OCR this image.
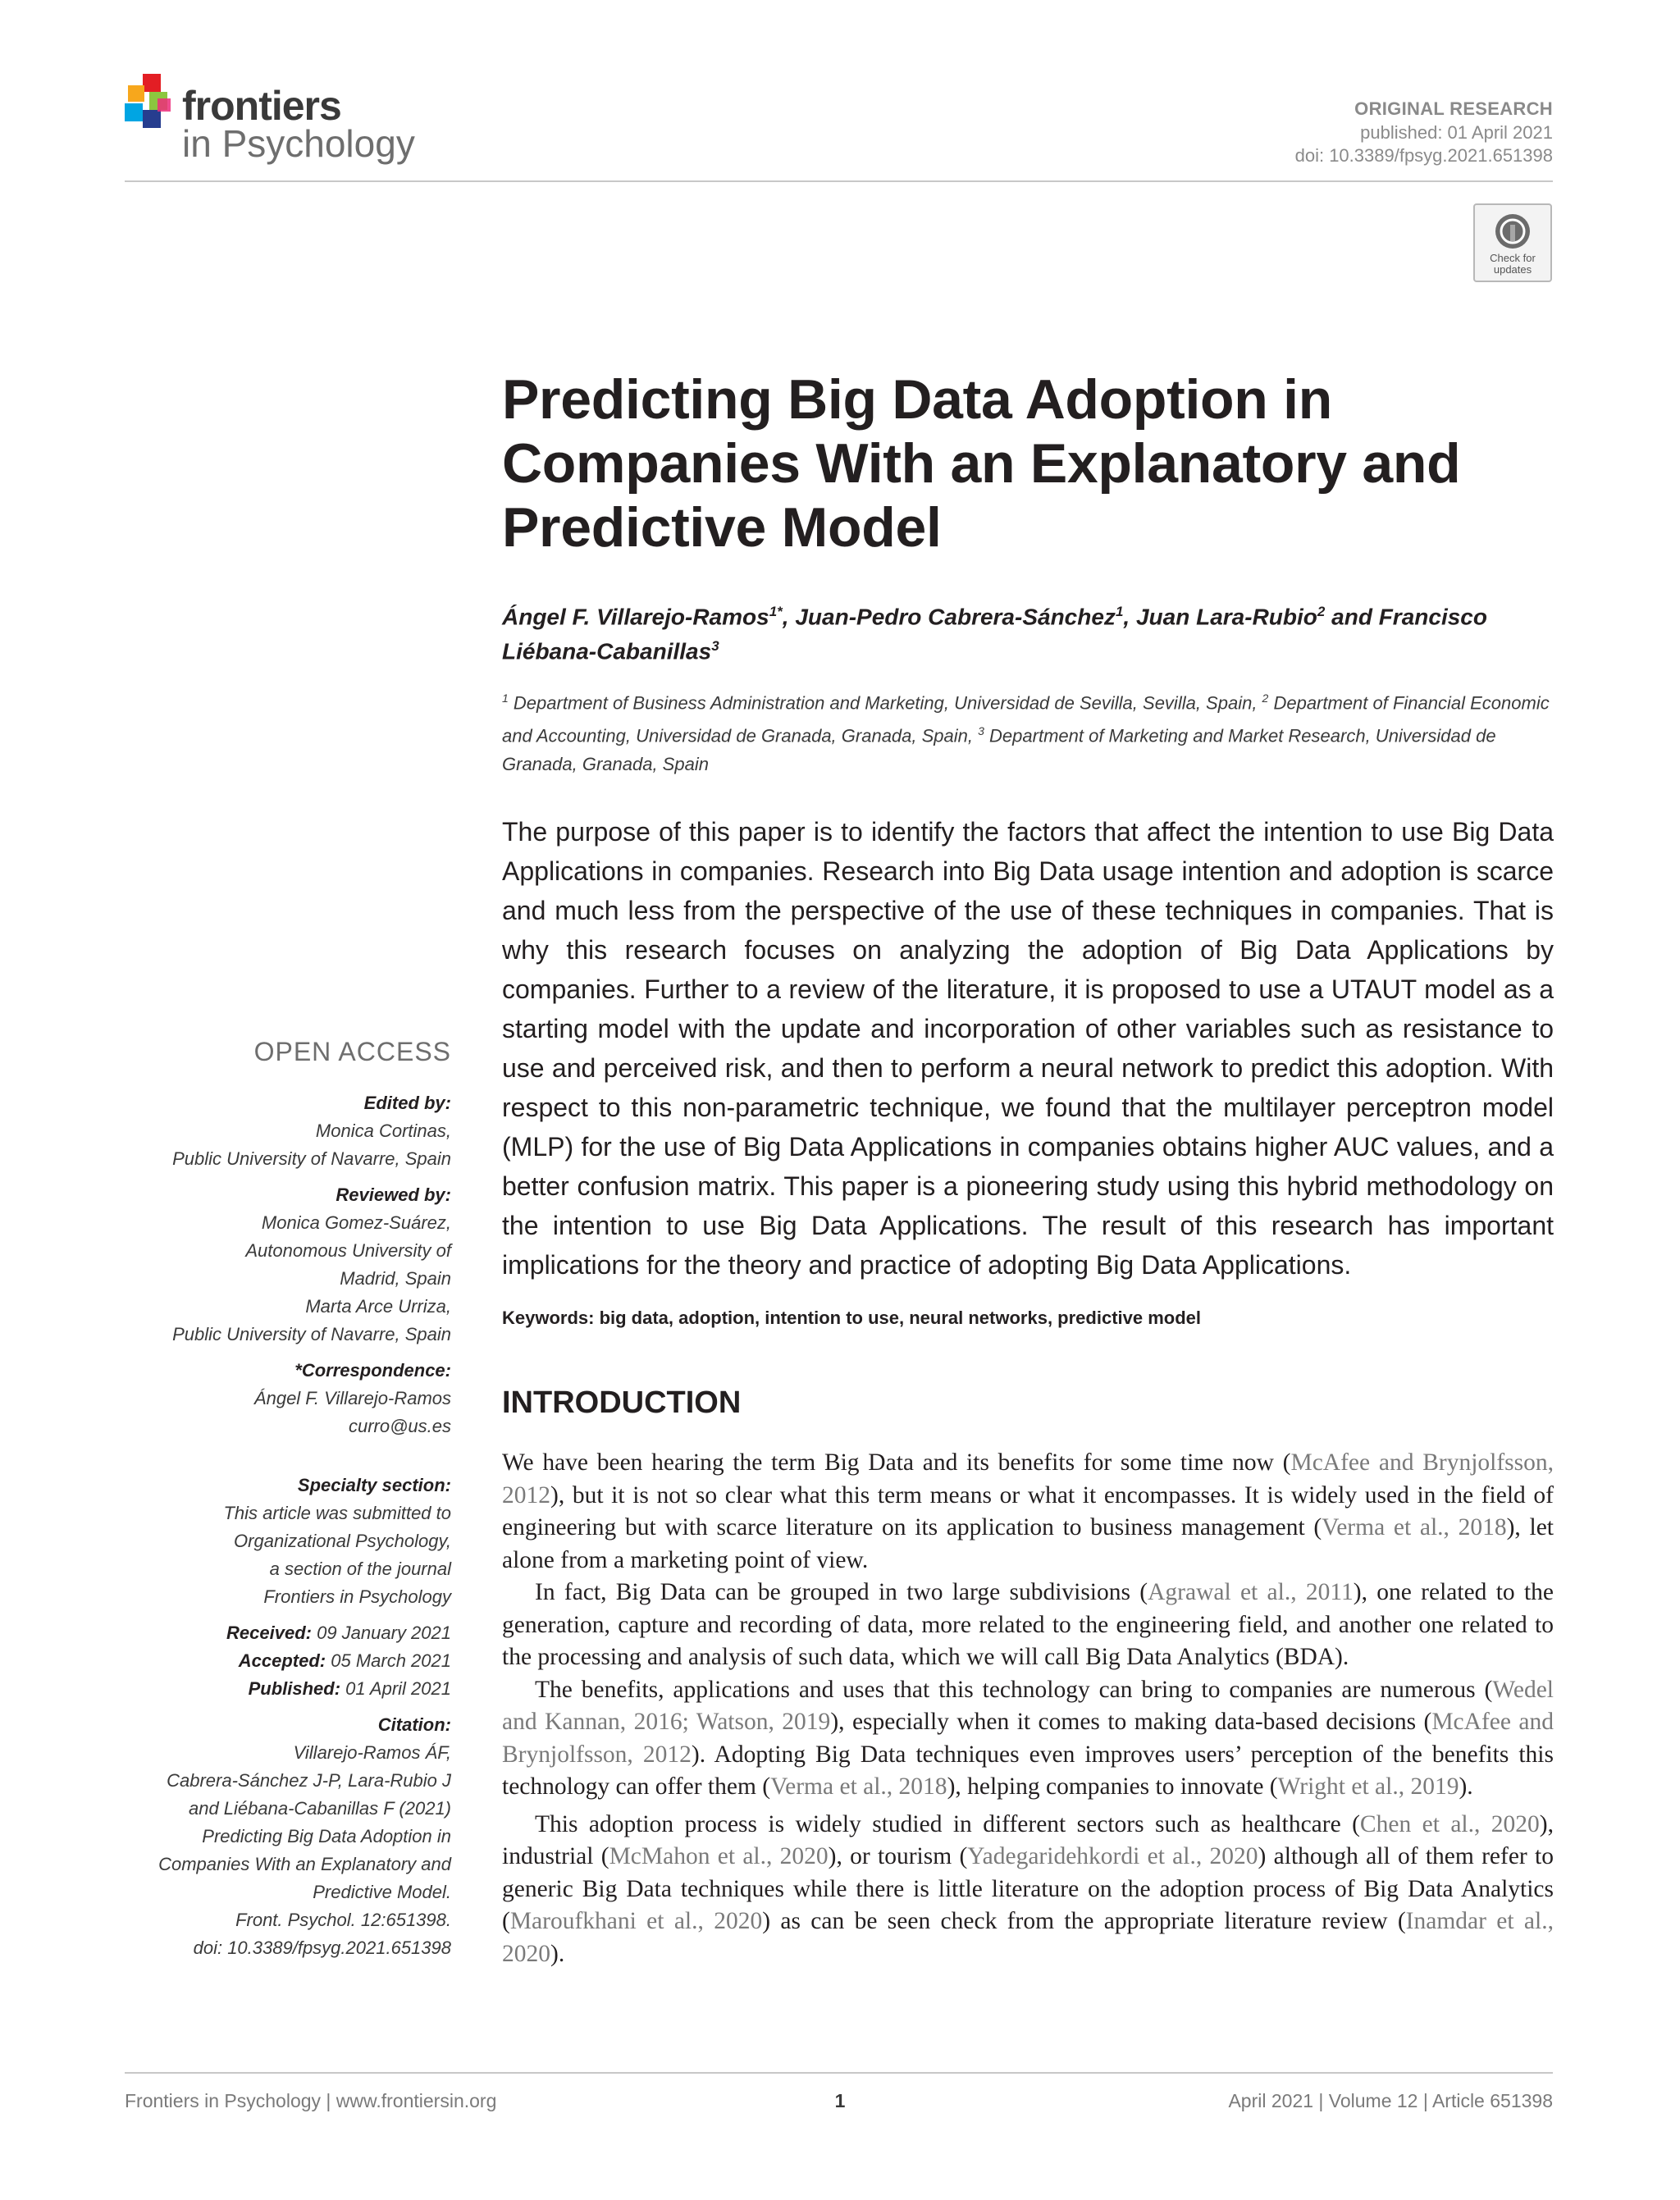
frontiers
in Psychology
ORIGINAL RESEARCH
published: 01 April 2021
doi: 10.3389/fpsyg.2021.651398
Check for updates
Predicting Big Data Adoption in Companies With an Explanatory and Predictive Model
Ángel F. Villarejo-Ramos$^{1*}$, Juan-Pedro Cabrera-Sánchez$^1$, Juan Lara-Rubio$^2$ and Francisco Liébana-Cabanillas$^3$
$^1$ Department of Business Administration and Marketing, Universidad de Sevilla, Sevilla, Spain, $^2$ Department of Financial Economic and Accounting, Universidad de Granada, Granada, Spain, $^3$ Department of Marketing and Market Research, Universidad de Granada, Granada, Spain
OPEN ACCESS
Edited by:
Monica Cortinas,
Public University of Navarre, Spain
Reviewed by:
Monica Gomez-Suárez,
Autonomous University of
Madrid, Spain
Marta Arce Urriza,
Public University of Navarre, Spain
*Correspondence:
Ángel F. Villarejo-Ramos
curro@us.es
Specialty section:
This article was submitted to
Organizational Psychology,
a section of the journal
Frontiers in Psychology
Received: 09 January 2021
Accepted: 05 March 2021
Published: 01 April 2021
Citation:
Villarejo-Ramos ÁF,
Cabrera-Sánchez J-P, Lara-Rubio J
and Liébana-Cabanillas F (2021)
Predicting Big Data Adoption in
Companies With an Explanatory and
Predictive Model.
Front. Psychol. 12:651398.
doi: 10.3389/fpsyg.2021.651398

The purpose of this paper is to identify the factors that affect the intention to use Big Data Applications in companies. Research into Big Data usage intention and adoption is scarce and much less from the perspective of the use of these techniques in companies. That is why this research focuses on analyzing the adoption of Big Data Applications by companies. Further to a review of the literature, it is proposed to use a UTAUT model as a starting model with the update and incorporation of other variables such as resistance to use and perceived risk, and then to perform a neural network to predict this adoption. With respect to this non-parametric technique, we found that the multilayer perceptron model (MLP) for the use of Big Data Applications in companies obtains higher AUC values, and a better confusion matrix. This paper is a pioneering study using this hybrid methodology on the intention to use Big Data Applications. The result of this research has important implications for the theory and practice of adopting Big Data Applications.

Keywords: big data, adoption, intention to use, neural networks, predictive model
INTRODUCTION

We have been hearing the term Big Data and its benefits for some time now (McAfee and Brynjolfsson, 2012), but it is not so clear what this term means or what it encompasses. It is widely used in the field of engineering but with scarce literature on its application to business management (Verma et al., 2018), let alone from a marketing point of view.

In fact, Big Data can be grouped in two large subdivisions (Agrawal et al., 2011), one related to the generation, capture and recording of data, more related to the engineering field, and another one related to the processing and analysis of such data, which we will call Big Data Analytics (BDA).

The benefits, applications and uses that this technology can bring to companies are numerous (Wedel and Kannan, 2016; Watson, 2019), especially when it comes to making data-based decisions (McAfee and Brynjolfsson, 2012). Adopting Big Data techniques even improves users’ perception of the benefits this technology can offer them (Verma et al., 2018), helping companies to innovate (Wright et al., 2019).

This adoption process is widely studied in different sectors such as healthcare (Chen et al., 2020), industrial (McMahon et al., 2020), or tourism (Yadegaridehkordi et al., 2020) although all of them refer to generic Big Data techniques while there is little literature on the adoption process of Big Data Analytics (Maroufkhani et al., 2020) as can be seen check from the appropriate literature review (Inamdar et al., 2020).

Frontiers in Psychology | www.frontiersin.org	1	April 2021 | Volume 12 | Article 651398
